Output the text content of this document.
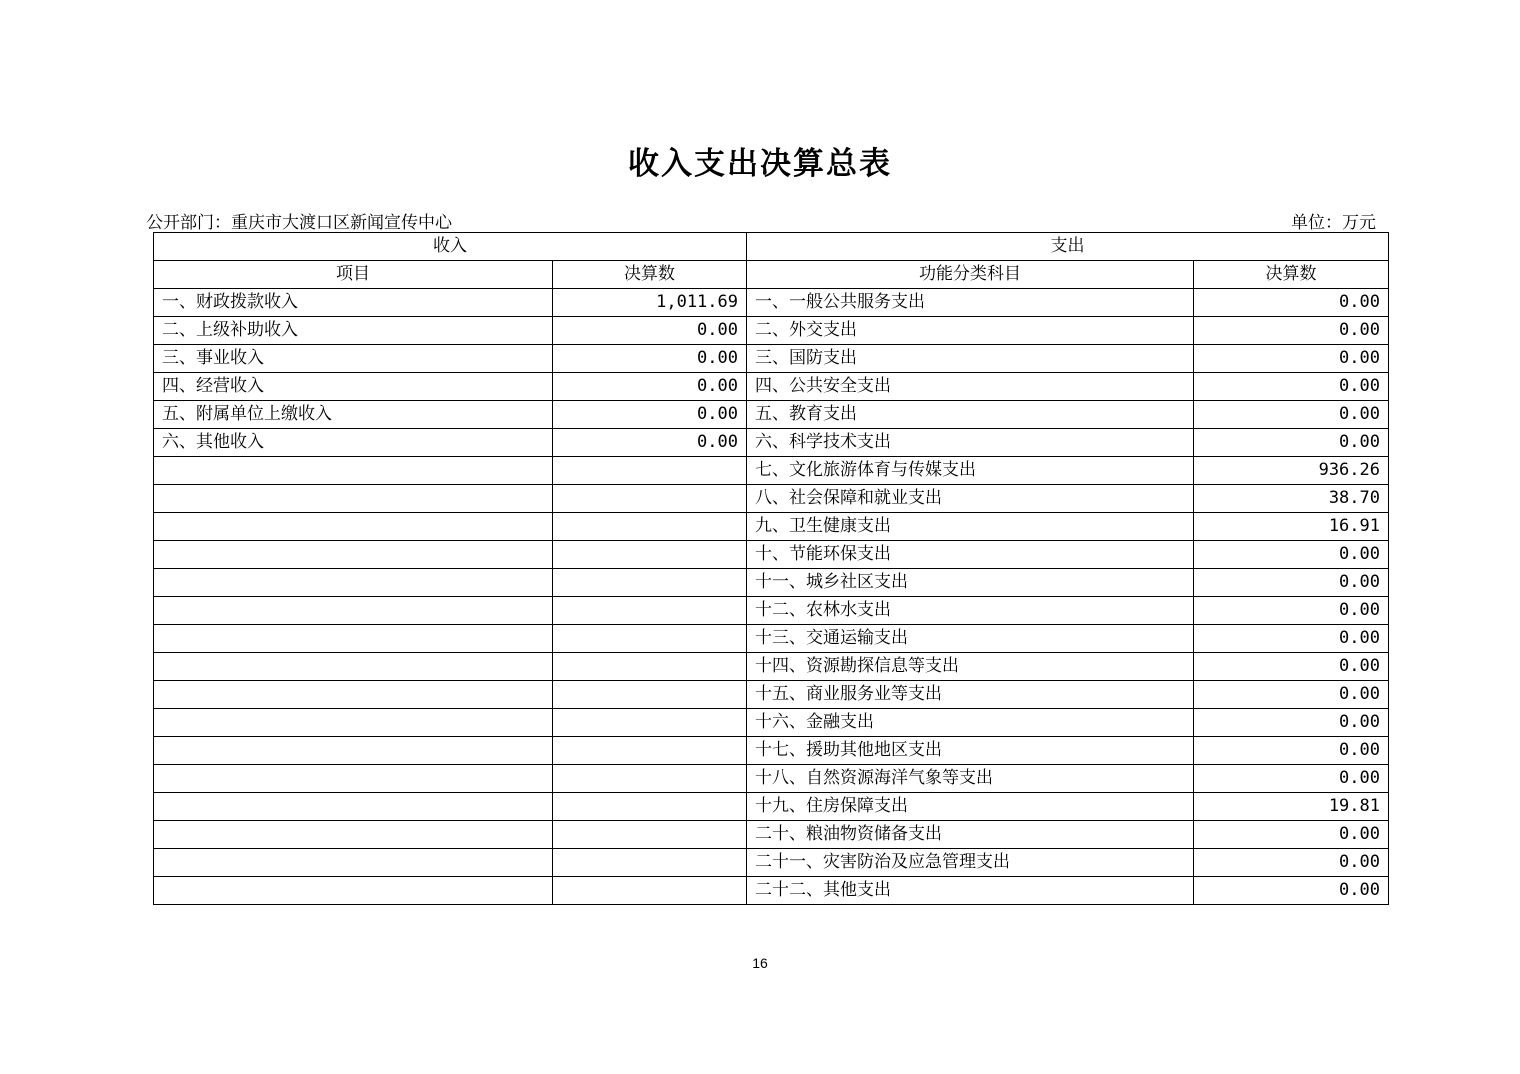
收入支出决算总表
公开部门：重庆市大渡口区新闻宣传中心	单位：万元
收入		支出	
项目	决算数	功能分类科目	决算数
一、财政拨款收入	1,011.69	一、一般公共服务支出	0.00
二、上级补助收入	0.00	二、外交支出	0.00
三、事业收入	0.00	三、国防支出	0.00
四、经营收入	0.00	四、公共安全支出	0.00
五、附属单位上缴收入	0.00	五、教育支出	0.00
六、其他收入	0.00	六、科学技术支出	0.00
		七、文化旅游体育与传媒支出	936.26
		八、社会保障和就业支出	38.70
		九、卫生健康支出	16.91
		十、节能环保支出	0.00
		十一、城乡社区支出	0.00
		十二、农林水支出	0.00
		十三、交通运输支出	0.00
		十四、资源勘探信息等支出	0.00
		十五、商业服务业等支出	0.00
		十六、金融支出	0.00
		十七、援助其他地区支出	0.00
		十八、自然资源海洋气象等支出	0.00
		十九、住房保障支出	19.81
		二十、粮油物资储备支出	0.00
		二十一、灾害防治及应急管理支出	0.00
		二十二、其他支出	0.00
16
